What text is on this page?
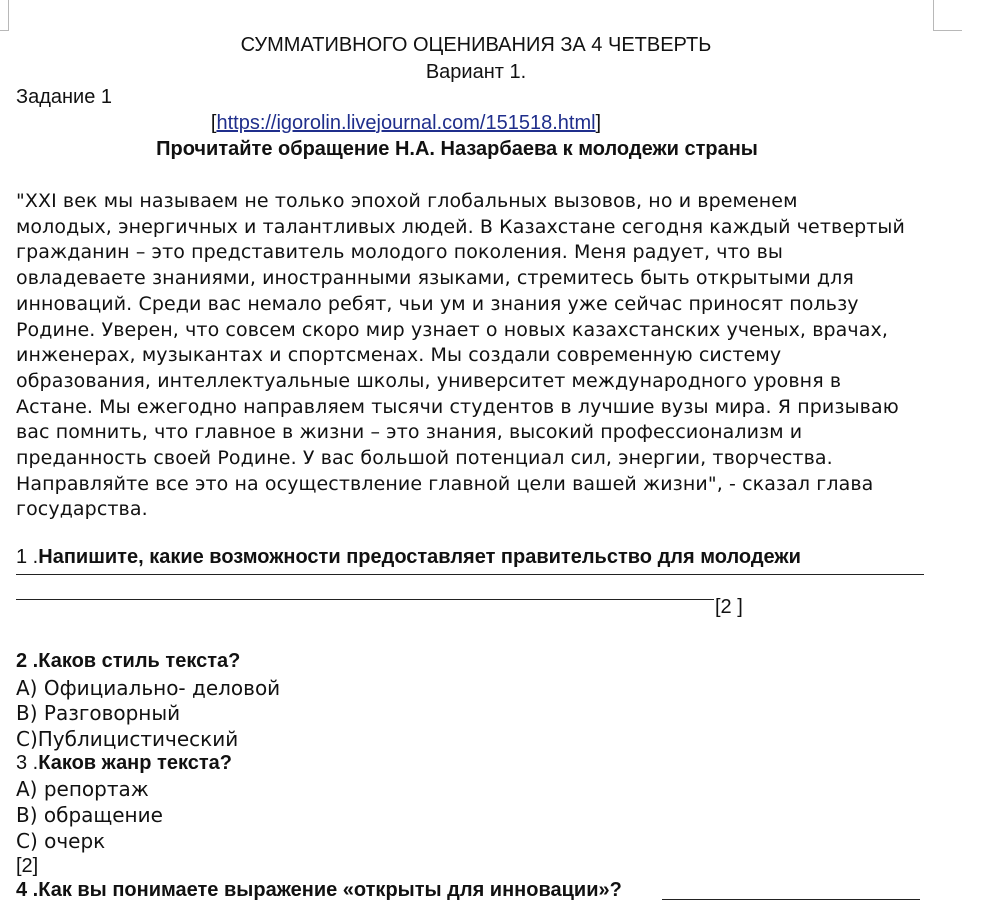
СУММАТИВНОГО ОЦЕНИВАНИЯ ЗА 4 ЧЕТВЕРТЬ
Вариант 1.
Задание 1
[https://igorolin.livejournal.com/151518.html]
Прочитайте обращение Н.А. Назарбаева к молодежи страны
"XXI век мы называем не только эпохой глобальных вызовов, но и временем
молодых, энергичных и талантливых людей. В Казахстане сегодня каждый четвертый
гражданин – это представитель молодого поколения. Меня радует, что вы
овладеваете знаниями, иностранными языками, стремитесь быть открытыми для
инноваций. Среди вас немало ребят, чьи ум и знания уже сейчас приносят пользу
Родине. Уверен, что совсем скоро мир узнает о новых казахстанских ученых, врачах,
инженерах, музыкантах и спортсменах. Мы создали современную систему
образования, интеллектуальные школы, университет международного уровня в
Астане. Мы ежегодно направляем тысячи студентов в лучшие вузы мира. Я призываю
вас помнить, что главное в жизни – это знания, высокий профессионализм и
преданность своей Родине. У вас большой потенциал сил, энергии, творчества.
Направляйте все это на осуществление главной цели вашей жизни", - сказал глава
государства.
1 .Напишите, какие возможности предоставляет правительство для молодежи
[2 ]
2 .Каков стиль текста?
А) Официально- деловой
В) Разговорный
С)Публицистический
3 .Каков жанр текста?
А) репортаж
В) обращение
С) очерк
[2]
4 .Как вы понимаете выражение «открыты для инновации»?
